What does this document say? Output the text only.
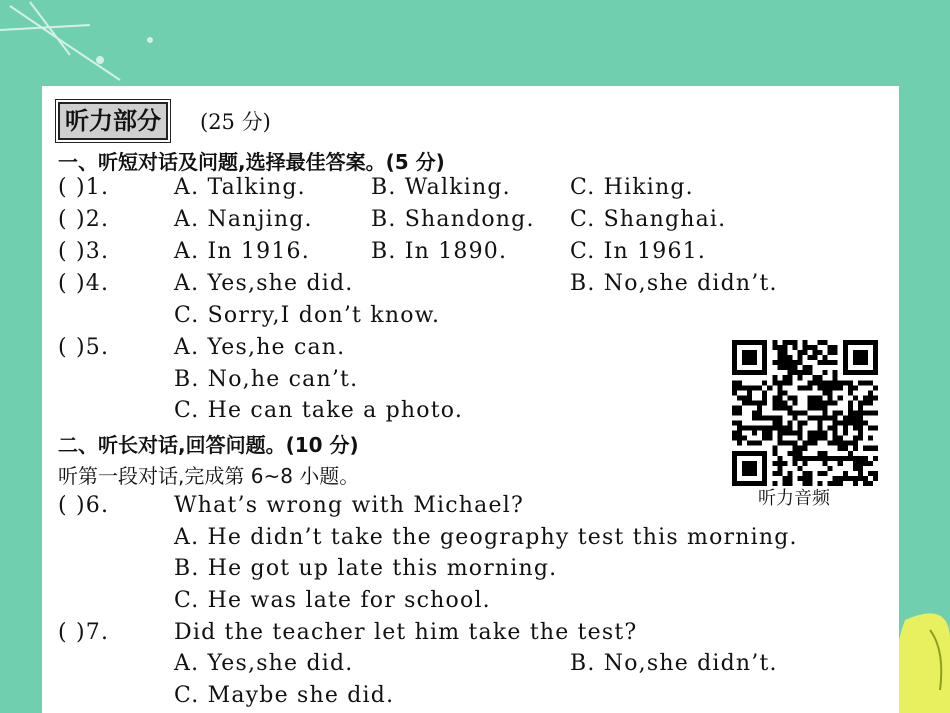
听力部分	(25 分)
一、听短对话及问题,选择最佳答案。(5 分)
( )1.	A. Talking.	B. Walking.	C. Hiking.
( )2.	A. Nanjing.	B. Shandong. C. Shanghai.
( )3.	A. In 1916.	B. In 1890.	C. In 1961.
( )4.	A. Yes,she did.	B. No,she didn’t.
C. Sorry,I don’t know.
( )5.	A. Yes,he can.
B. No,he can’t.
C. He can take a photo.
二、听长对话,回答问题。(10 分)
听第一段对话,完成第 6~8 小题。
( )6.	What’s wrong with Michael?
A. He didn’t take the geography test this morning.
B. He got up late this morning.
C. He was late for school.
( )7.	Did the teacher let him take the test?
A. Yes,she did.	B. No,she didn’t.
C. Maybe she did.
听力音频
